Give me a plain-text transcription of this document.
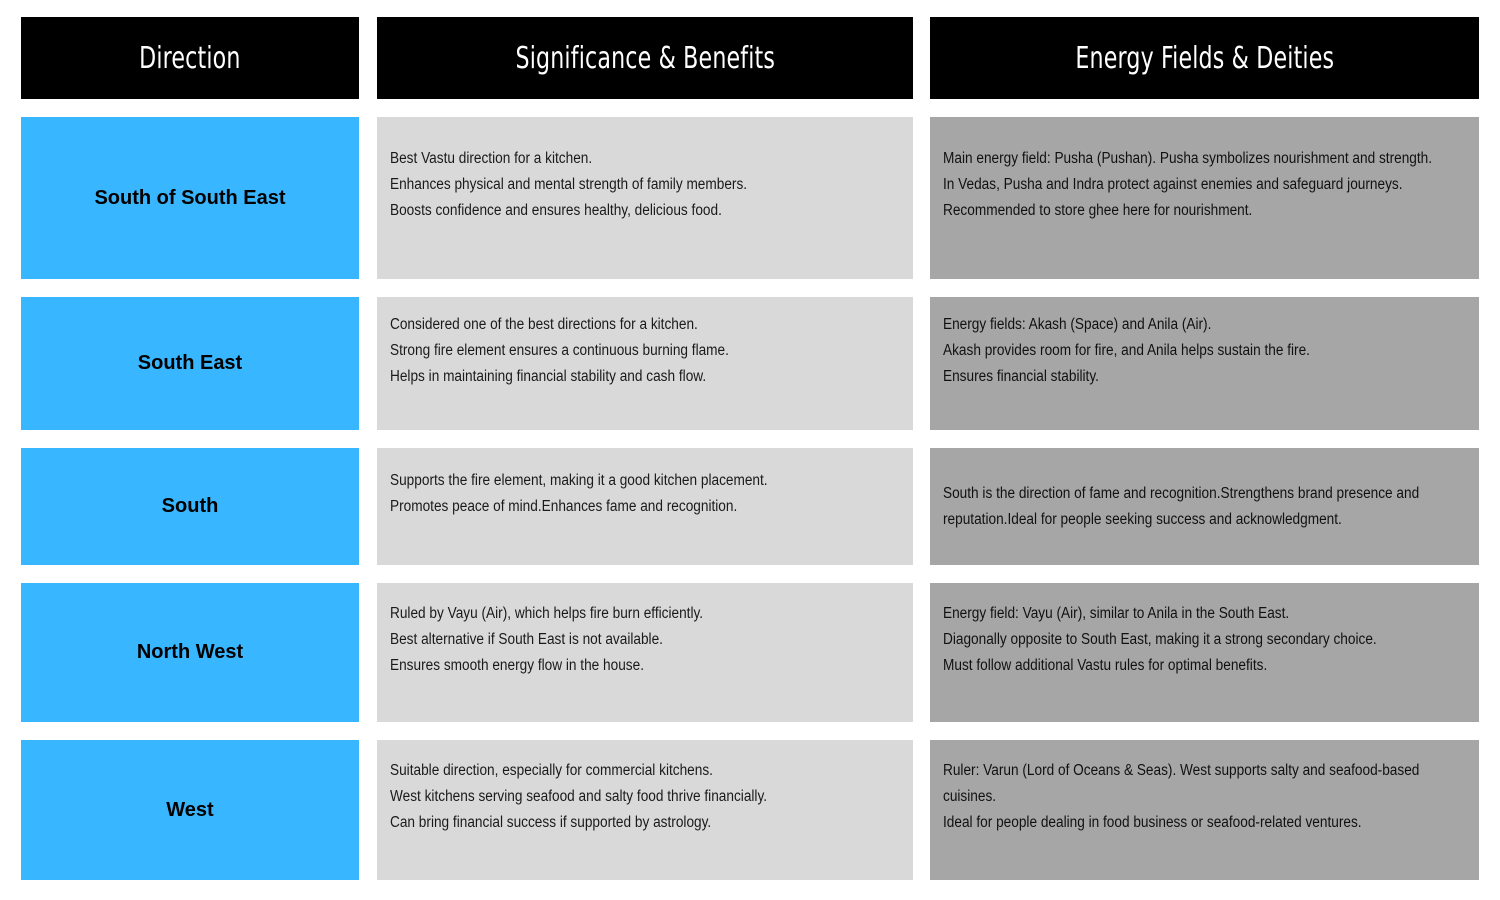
Direction	Significance & Benefits	Energy Fields & Deities
South of South East
Best Vastu direction for a kitchen.
Enhances physical and mental strength of family members.
Boosts confidence and ensures healthy, delicious food.
Main energy field: Pusha (Pushan). Pusha symbolizes nourishment and strength.
In Vedas, Pusha and Indra protect against enemies and safeguard journeys.
Recommended to store ghee here for nourishment.
South East
Considered one of the best directions for a kitchen.
Strong fire element ensures a continuous burning flame.
Helps in maintaining financial stability and cash flow.
Energy fields: Akash (Space) and Anila (Air).
Akash provides room for fire, and Anila helps sustain the fire.
Ensures financial stability.
South
Supports the fire element, making it a good kitchen placement.
Promotes peace of mind.Enhances fame and recognition.
South is the direction of fame and recognition.Strengthens brand presence and reputation.Ideal for people seeking success and acknowledgment.
North West
Ruled by Vayu (Air), which helps fire burn efficiently.
Best alternative if South East is not available.
Ensures smooth energy flow in the house.
Energy field: Vayu (Air), similar to Anila in the South East.
Diagonally opposite to South East, making it a strong secondary choice.
Must follow additional Vastu rules for optimal benefits.
West
Suitable direction, especially for commercial kitchens.
West kitchens serving seafood and salty food thrive financially.
Can bring financial success if supported by astrology.
Ruler: Varun (Lord of Oceans & Seas). West supports salty and seafood-based cuisines.
Ideal for people dealing in food business or seafood-related ventures.
